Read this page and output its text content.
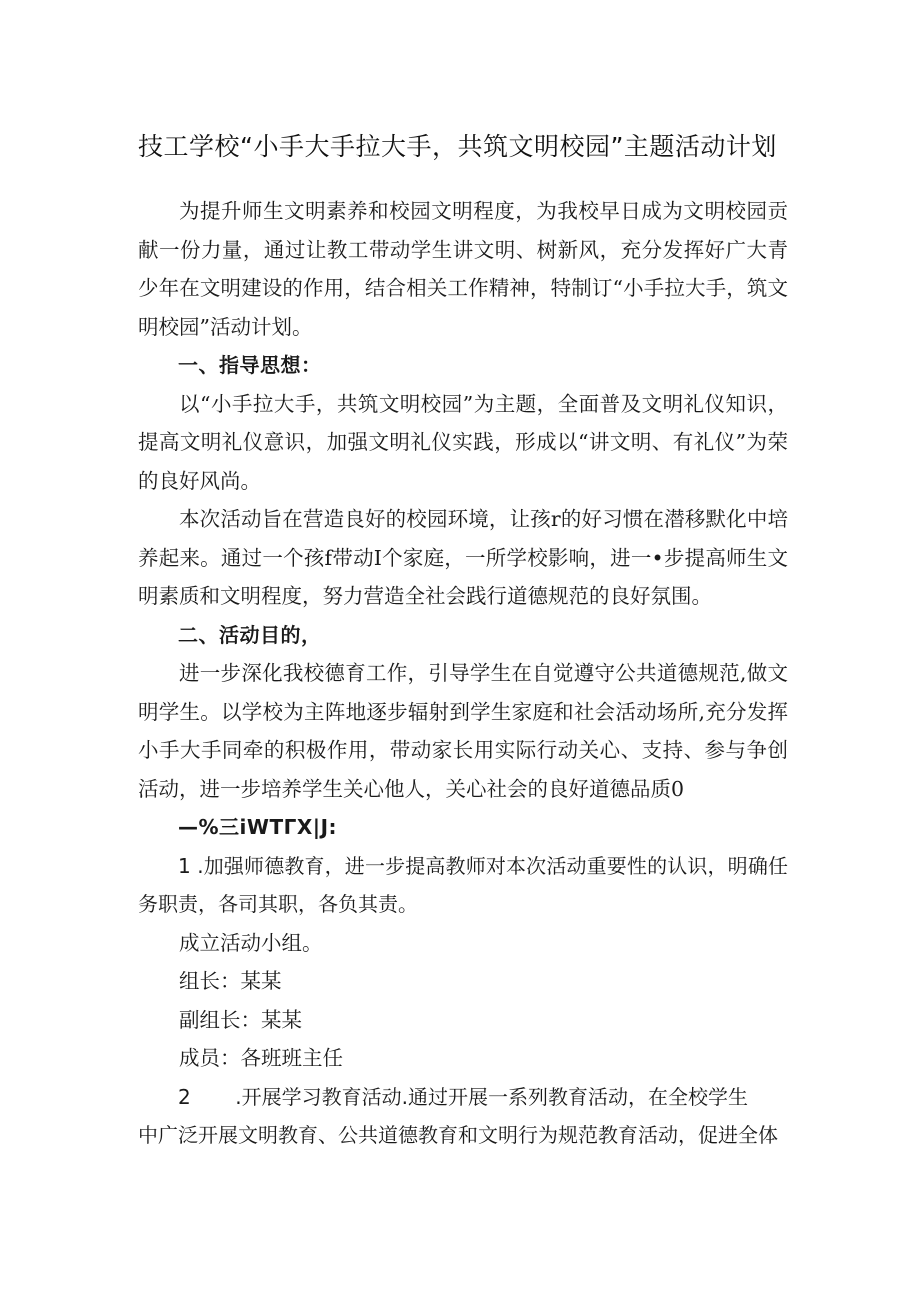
技工学校“小手大手拉大手，共筑文明校园”主题活动计划

为提升师生文明素养和校园文明程度，为我校早日成为文明校园贡献一份力量，通过让教工带动学生讲文明、树新风，充分发挥好广大青少年在文明建设的作用，结合相关工作精神，特制订“小手拉大手，筑文明校园”活动计划。

一、指导思想：

以“小手拉大手，共筑文明校园”为主题，全面普及文明礼仪知识，提高文明礼仪意识，加强文明礼仪实践，形成以“讲文明、有礼仪”为荣的良好风尚。

本次活动旨在营造良好的校园环境，让孩r的好习惯在潜移默化中培养起来。通过一个孩f带动I个家庭，一所学校影响，进一•步提高师生文明素质和文明程度，努力营造全社会践行道德规范的良好氛围。

二、活动目的，

进一步深化我校德育工作，引导学生在自觉遵守公共道德规范,做文明学生。以学校为主阵地逐步辐射到学生家庭和社会活动场所,充分发挥小手大手同牵的积极作用，带动家长用实际行动关心、支持、参与争创活动，进一步培养学生关心他人，关心社会的良好道德品质0

—%三iWTΓX|J:

1 .加强师德教育，进一步提高教师对本次活动重要性的认识，明确任务职责，各司其职，各负其责。

成立活动小组。

组长：某某

副组长：某某

成员：各班班主任

2       .开展学习教育活动.通过开展一系列教育活动，在全校学生

中广泛开展文明教育、公共道德教育和文明行为规范教育活动，促进全体
